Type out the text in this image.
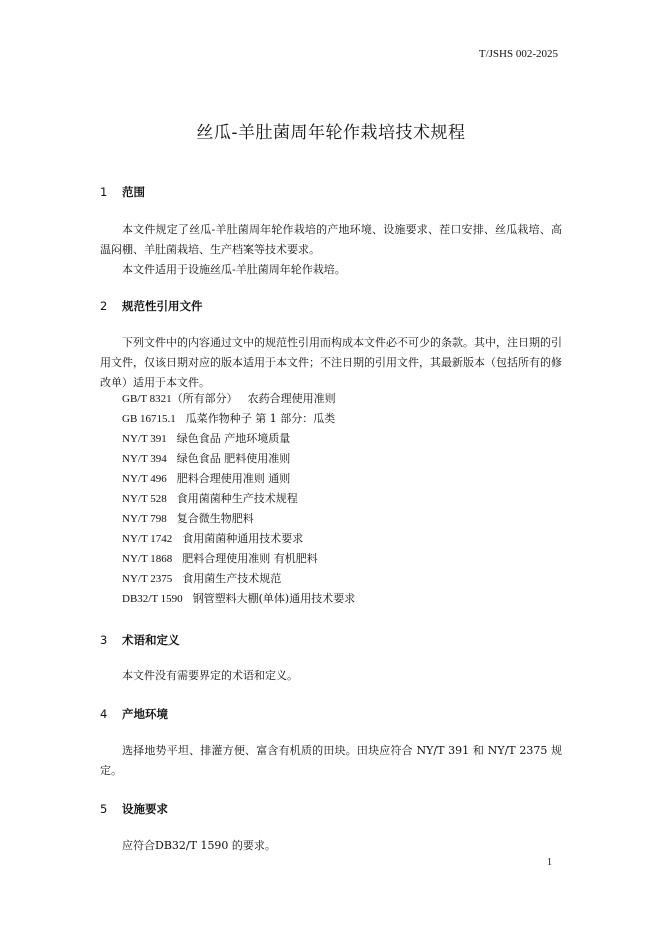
T/JSHS 002-2025
丝瓜-羊肚菌周年轮作栽培技术规程
1 范围

本文件规定了丝瓜-羊肚菌周年轮作栽培的产地环境、设施要求、茬口安排、丝瓜栽培、高温闷棚、羊肚菌栽培、生产档案等技术要求。

本文件适用于设施丝瓜-羊肚菌周年轮作栽培。

2 规范性引用文件

下列文件中的内容通过文中的规范性引用而构成本文件必不可少的条款。其中，注日期的引用文件，仅该日期对应的版本适用于本文件；不注日期的引用文件，其最新版本（包括所有的修改单）适用于本文件。

GB/T 8321（所有部分） 农药合理使用准则
GB 16715.1 瓜菜作物种子 第 1 部分：瓜类
NY/T 391 绿色食品 产地环境质量
NY/T 394 绿色食品 肥料使用准则
NY/T 496 肥料合理使用准则 通则
NY/T 528 食用菌菌种生产技术规程
NY/T 798 复合微生物肥料
NY/T 1742 食用菌菌种通用技术要求
NY/T 1868 肥料合理使用准则 有机肥料
NY/T 2375 食用菌生产技术规范
DB32/T 1590 钢管塑料大棚(单体)通用技术要求
3 术语和定义

本文件没有需要界定的术语和定义。

4 产地环境

选择地势平坦、排灌方便、富含有机质的田块。田块应符合 NY/T 391 和 NY/T 2375 规定。

5 设施要求

应符合DB32/T 1590 的要求。

1
